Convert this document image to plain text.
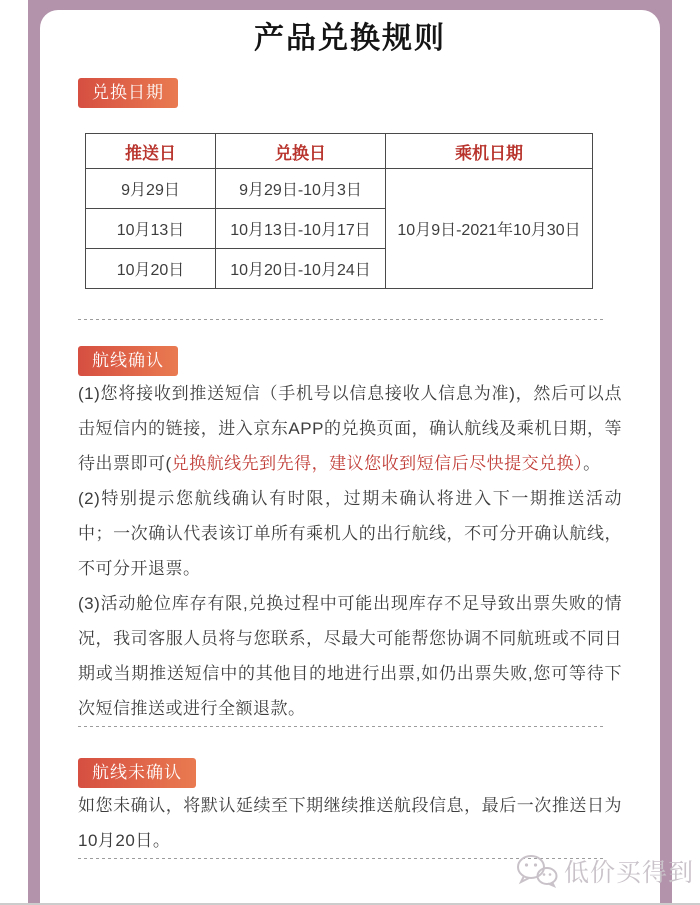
产品兑换规则
兑换日期
推送日	兑换日	乘机日期
9月29日	9月29日-10月3日	10月9日-2021年10月30日
10月13日	10月13日-10月17日	
10月20日	10月20日-10月24日	
航线确认

(1)您将接收到推送短信（手机号以信息接收人信息为准)，然后可以点击短信内的链接，进入京东APP的兑换页面，确认航线及乘机日期，等待出票即可(兑换航线先到先得，建议您收到短信后尽快提交兑换）。

(2)特别提示您航线确认有时限，过期未确认将进入下一期推送活动中；一次确认代表该订单所有乘机人的出行航线，不可分开确认航线，不可分开退票。

(3)活动舱位库存有限,兑换过程中可能出现库存不足导致出票失败的情况，我司客服人员将与您联系，尽最大可能帮您协调不同航班或不同日期或当期推送短信中的其他目的地进行出票,如仍出票失败,您可等待下次短信推送或进行全额退款。

航线未确认

如您未确认，将默认延续至下期继续推送航段信息，最后一次推送日为10月20日。

低价买得到
